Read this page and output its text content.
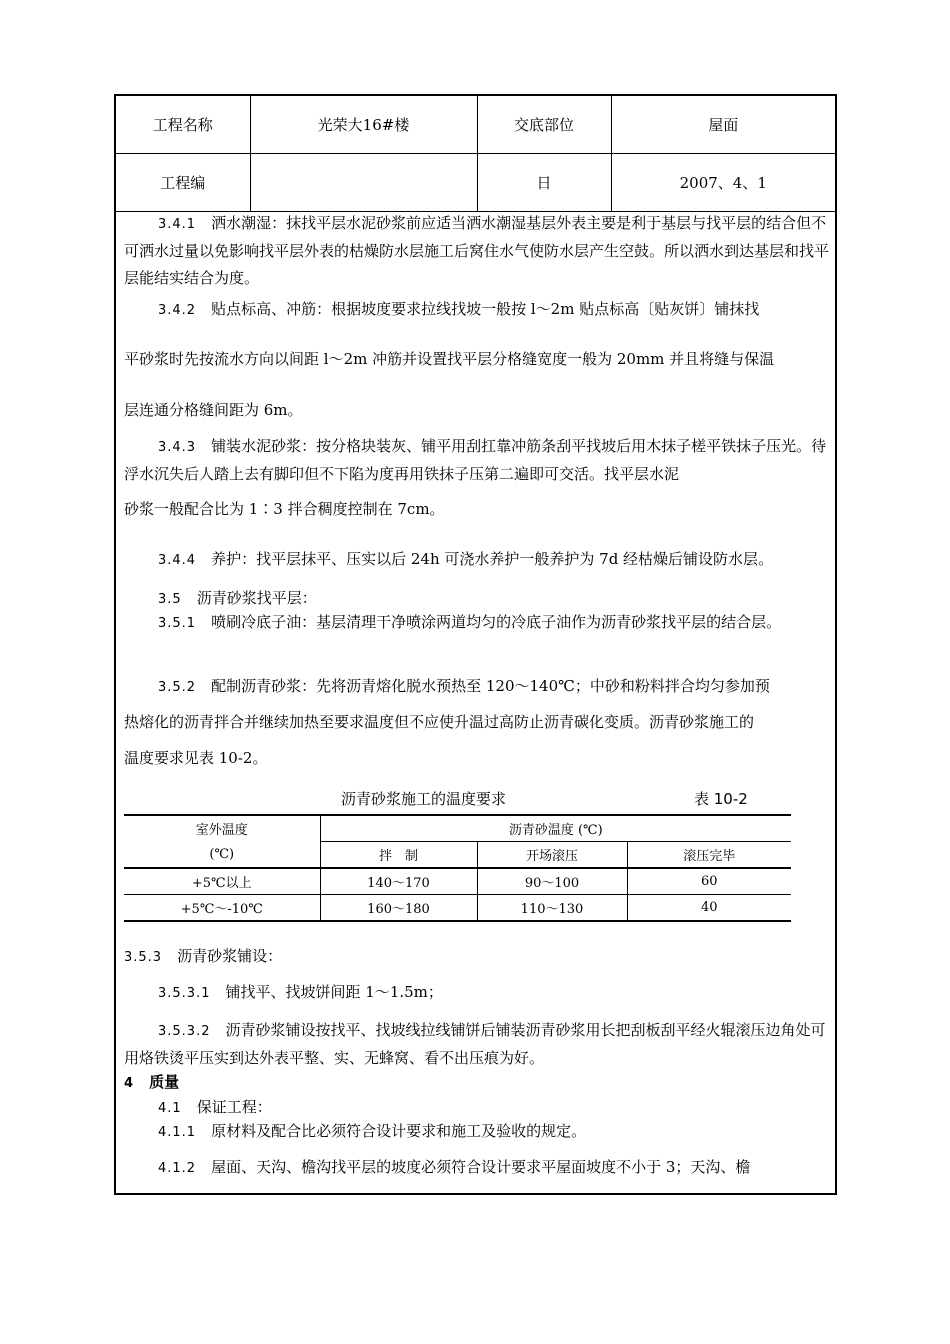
工程名称	光荣大16#楼	交底部位	屋面
工程编		日	2007、4、1

3.4.1　 洒水潮湿：抹找平层水泥砂浆前应适当洒水潮湿基层外表主要是利于基层与找平层的结合但不可洒水过量以免影响找平层外表的枯燥防水层施工后窝住水气使防水层产生空鼓。所以洒水到达基层和找平层能结实结合为度。

3.4.2　 贴点标高、冲筋：根据坡度要求拉线找坡一般按 l～2m 贴点标高〔贴灰饼〕铺抹找

平砂浆时先按流水方向以间距 l～2m 冲筋并设置找平层分格缝宽度一般为 20mm 并且将缝与保温

层连通分格缝间距为 6m。

3.4.3　 铺装水泥砂浆：按分格块装灰、铺平用刮扛靠冲筋条刮平找坡后用木抹子槎平铁抹子压光。待浮水沉失后人踏上去有脚印但不下陷为度再用铁抹子压第二遍即可交活。找平层水泥

砂浆一般配合比为 1∶3 拌合稠度控制在 7cm。

3.4.4　 养护：找平层抹平、压实以后 24h 可浇水养护一般养护为 7d 经枯燥后铺设防水层。

3.5　 沥青砂浆找平层：

3.5.1　 喷刷冷底子油：基层清理干净喷涂两道均匀的冷底子油作为沥青砂浆找平层的结合层。

3.5.2　 配制沥青砂浆：先将沥青熔化脱水预热至 120～140℃；中砂和粉料拌合均匀参加预

热熔化的沥青拌合并继续加热至要求温度但不应使升温过高防止沥青碳化变质。沥青砂浆施工的

温度要求见表 10-2。

沥青砂浆施工的温度要求	表 10-2
室外温度	沥青砂温度 (℃)		
(℃)	拌　制	开场滚压	滚压完毕
+5℃以上	140～170	90～100	60
+5℃～-10℃	160～180	110～130	40

3.5.3　 沥青砂浆铺设：

3.5.3.1　 铺找平、找坡饼间距 1～1.5m；

3.5.3.2　 沥青砂浆铺设按找平、找坡线拉线铺饼后铺装沥青砂浆用长把刮板刮平经火辊滚压边角处可用烙铁烫平压实到达外表平整、实、无蜂窝、看不出压痕为好。

4　 质量

4.1　 保证工程：

4.1.1　 原材料及配合比必须符合设计要求和施工及验收的规定。

4.1.2　 屋面、天沟、檐沟找平层的坡度必须符合设计要求平屋面坡度不小于 3；天沟、檐
